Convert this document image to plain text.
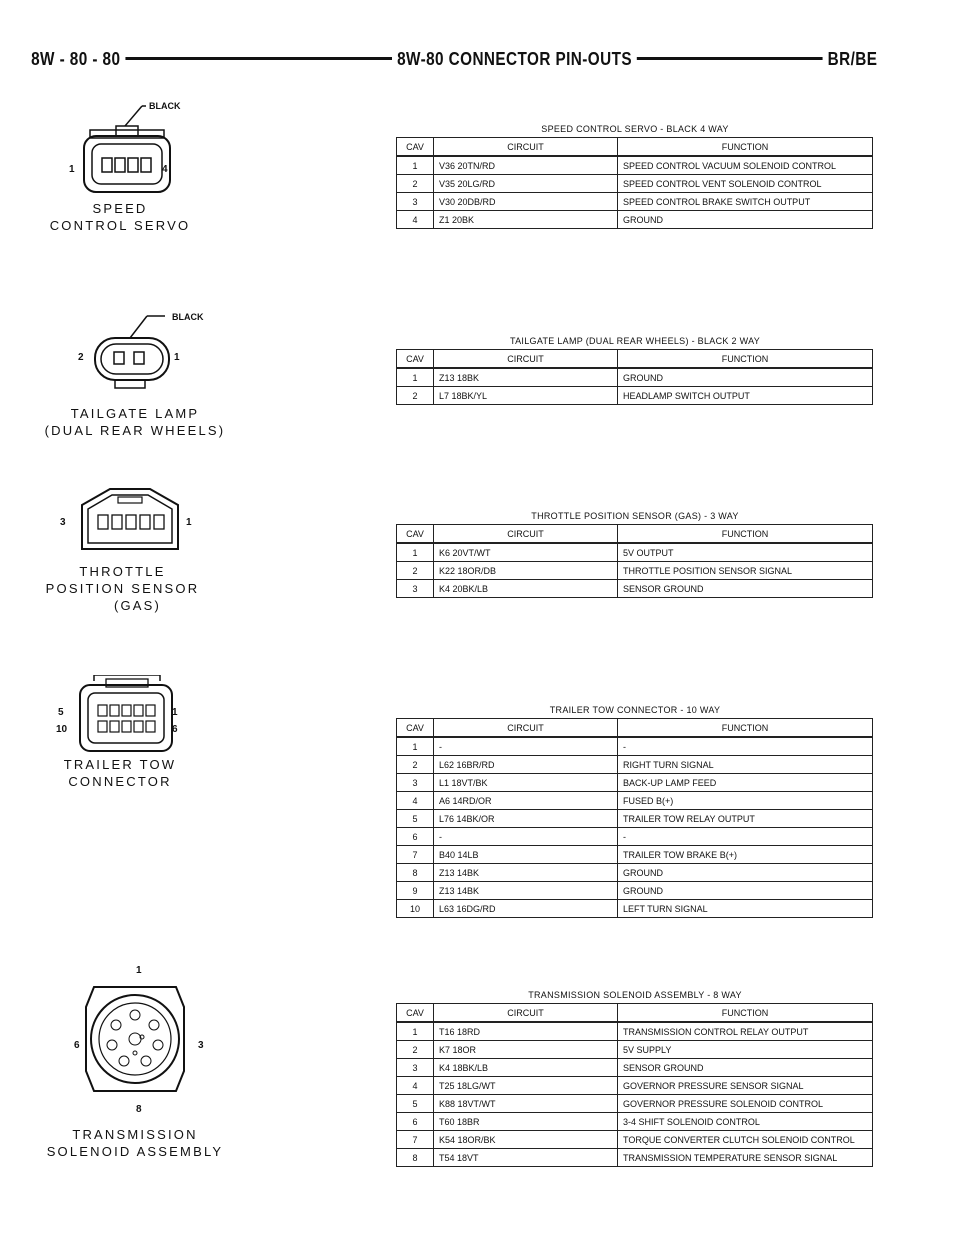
8W - 80 - 80	8W-80 CONNECTOR PIN-OUTS	BR/BE
BLACK
1	4
SPEED
CONTROL SERVO
SPEED CONTROL SERVO - BLACK 4 WAY
CAV	CIRCUIT	FUNCTION
1	V36 20TN/RD	SPEED CONTROL VACUUM SOLENOID CONTROL
2	V35 20LG/RD	SPEED CONTROL VENT SOLENOID CONTROL
3	V30 20DB/RD	SPEED CONTROL BRAKE SWITCH OUTPUT
4	Z1 20BK	GROUND
BLACK
2	1
TAILGATE LAMP
(DUAL REAR WHEELS)
TAILGATE LAMP (DUAL REAR WHEELS) - BLACK 2 WAY
CAV	CIRCUIT	FUNCTION
1	Z13 18BK	GROUND
2	L7 18BK/YL	HEADLAMP SWITCH OUTPUT
3	1
THROTTLE
POSITION SENSOR
(GAS)
THROTTLE POSITION SENSOR (GAS) - 3 WAY
CAV	CIRCUIT	FUNCTION
1	K6 20VT/WT	5V OUTPUT
2	K22 18OR/DB	THROTTLE POSITION SENSOR SIGNAL
3	K4 20BK/LB	SENSOR GROUND
5
10
1
6
TRAILER TOW
CONNECTOR
TRAILER TOW CONNECTOR - 10 WAY
CAV	CIRCUIT	FUNCTION
1	-	-
2	L62 16BR/RD	RIGHT TURN SIGNAL
3	L1 18VT/BK	BACK-UP LAMP FEED
4	A6 14RD/OR	FUSED B(+)
5	L76 14BK/OR	TRAILER TOW RELAY OUTPUT
6	-	-
7	B40 14LB	TRAILER TOW BRAKE B(+)
8	Z13 14BK	GROUND
9	Z13 14BK	GROUND
10	L63 16DG/RD	LEFT TURN SIGNAL
1
6	3
8
TRANSMISSION
SOLENOID ASSEMBLY
TRANSMISSION SOLENOID ASSEMBLY - 8 WAY
CAV	CIRCUIT	FUNCTION
1	T16 18RD	TRANSMISSION CONTROL RELAY OUTPUT
2	K7 18OR	5V SUPPLY
3	K4 18BK/LB	SENSOR GROUND
4	T25 18LG/WT	GOVERNOR PRESSURE SENSOR SIGNAL
5	K88 18VT/WT	GOVERNOR PRESSURE SOLENOID CONTROL
6	T60 18BR	3-4 SHIFT SOLENOID CONTROL
7	K54 18OR/BK	TORQUE CONVERTER CLUTCH SOLENOID CONTROL
8	T54 18VT	TRANSMISSION TEMPERATURE SENSOR SIGNAL
